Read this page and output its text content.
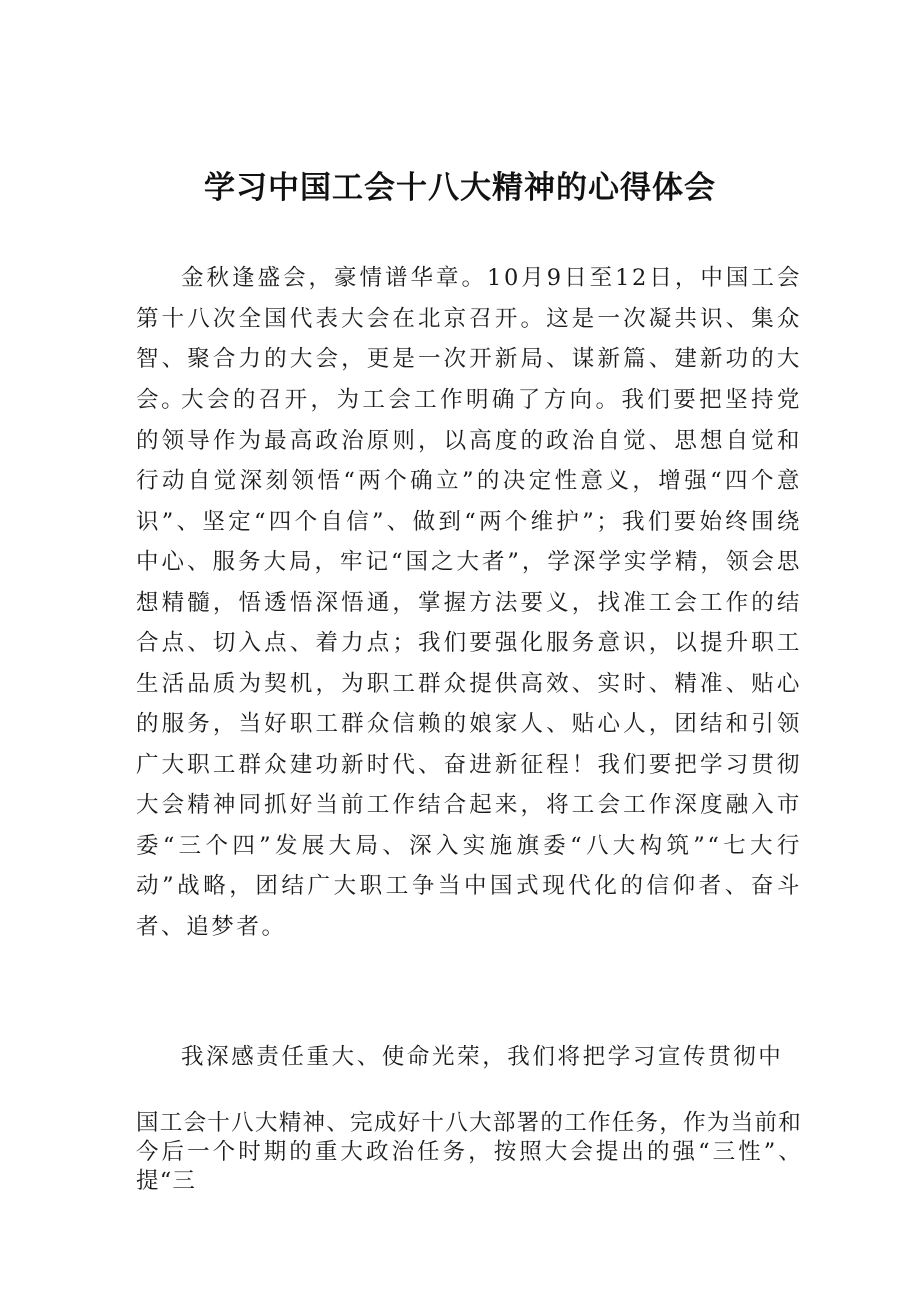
学习中国工会十八大精神的心得体会

金秋逢盛会，豪情谱华章。10月9日至12日，中国工会第十八次全国代表大会在北京召开。这是一次凝共识、集众智、聚合力的大会，更是一次开新局、谋新篇、建新功的大会。

大会的召开，为工会工作明确了方向。我们要把坚持党的领导作为最高政治原则，以高度的政治自觉、思想自觉和行动自觉深刻领悟“两个确立”的决定性意义，增强“四个意识”、坚定“四个自信”、做到“两个维护”；我们要始终围绕中心、服务大局，牢记“国之大者”，学深学实学精，领会思想精髓，悟透悟深悟通，掌握方法要义，找准工会工作的结合点、切入点、着力点；我们要强化服务意识，以提升职工生活品质为契机，为职工群众提供高效、实时、精准、贴心的服务，当好职工群众信赖的娘家人、贴心人，团结和引领广大职工群众建功新时代、奋进新征程！我们要把学习贯彻大会精神同抓好当前工作结合起来，将工会工作深度融入市委“三个四”发展大局、深入实施旗委“八大构筑”“七大行动”战略，团结广大职工争当中国式现代化的信仰者、奋斗者、追梦者。

我深感责任重大、使命光荣，我们将把学习宣传贯彻中

国工会十八大精神、完成好十八大部署的工作任务，作为当前和今后一个时期的重大政治任务，按照大会提出的强“三性”、提“三
